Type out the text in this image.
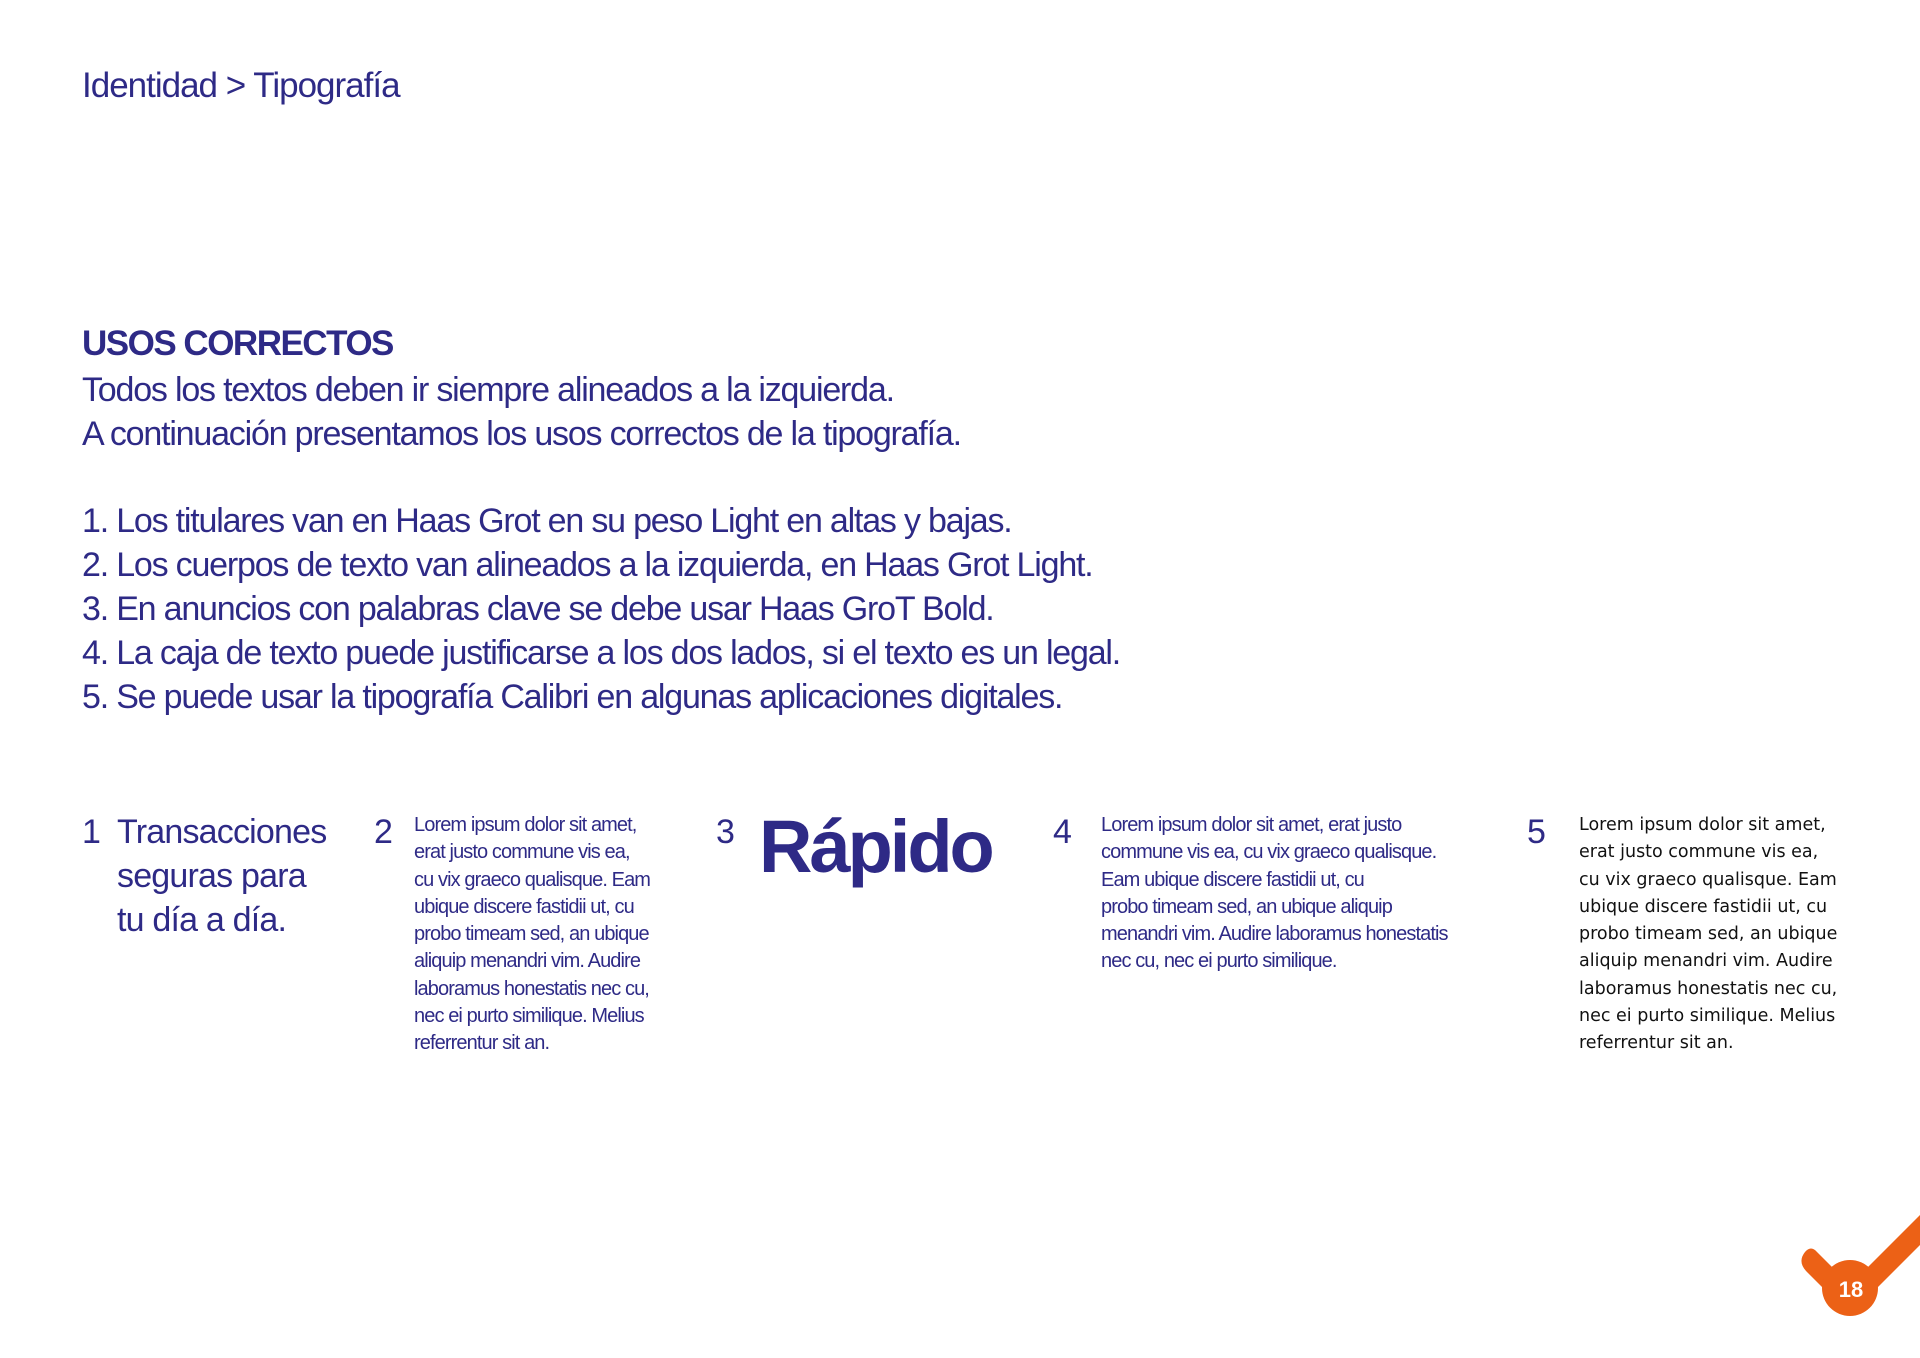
Identidad > Tipografía
USOS CORRECTOS
Todos los textos deben ir siempre alineados a la izquierda.
A continuación presentamos los usos correctos de la tipografía.
1. Los titulares van en Haas Grot en su peso Light en altas y bajas.
2. Los cuerpos de texto van alineados a la izquierda, en Haas Grot Light.
3. En anuncios con palabras clave se debe usar Haas GroT Bold.
4. La caja de texto puede justificarse a los dos lados, si el texto es un legal.
5. Se puede usar la tipografía Calibri en algunas aplicaciones digitales.
1 Transacciones
seguras para
tu día a día.
2 Lorem ipsum dolor sit amet,
erat justo commune vis ea,
cu vix graeco qualisque. Eam
ubique discere fastidii ut, cu
probo timeam sed, an ubique
aliquip menandri vim. Audire
laboramus honestatis nec cu,
nec ei purto similique. Melius
referrentur sit an.
3 Rápido 4 Lorem ipsum dolor sit amet, erat justo
commune vis ea, cu vix graeco qualisque.
Eam ubique discere fastidii ut, cu
probo timeam sed, an ubique aliquip
menandri vim. Audire laboramus honestatis
nec cu, nec ei purto similique.
5 Lorem ipsum dolor sit amet,
erat justo commune vis ea,
cu vix graeco qualisque. Eam
ubique discere fastidii ut, cu
probo timeam sed, an ubique
aliquip menandri vim. Audire
laboramus honestatis nec cu,
nec ei purto similique. Melius
referrentur sit an.
18
